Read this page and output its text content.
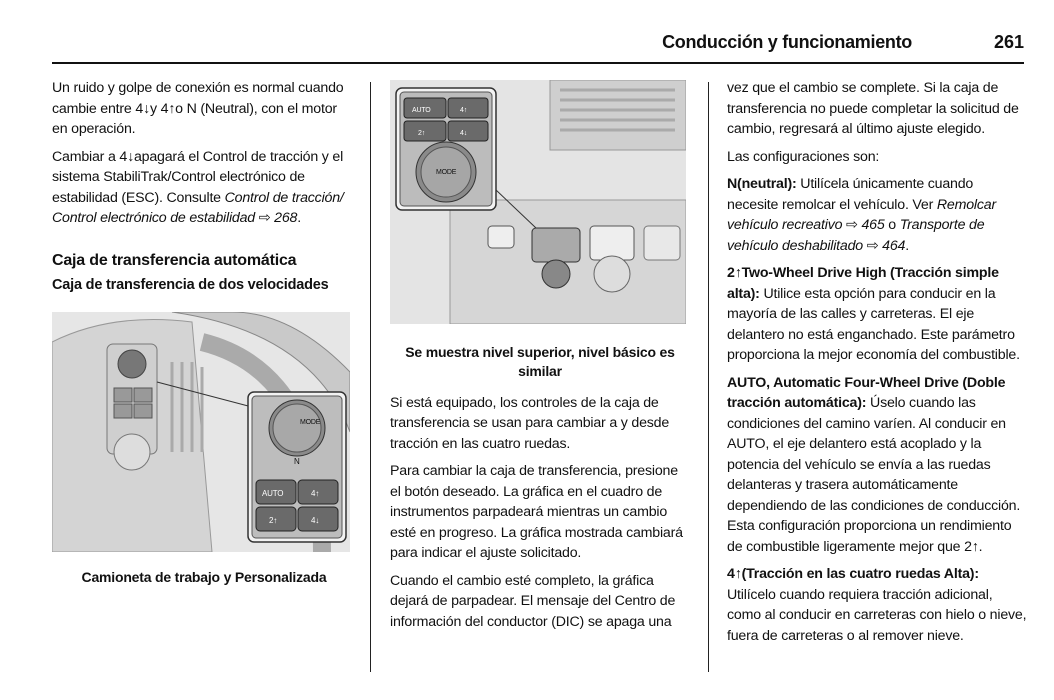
Conducción y funcionamiento	261

Un ruido y golpe de conexión es normal cuando cambie entre 4↓y 4↑o N (Neutral), con el motor en operación.

Cambiar a 4↓apagará el Control de tracción y el sistema StabiliTrak/Control electrónico de estabilidad (ESC). Consulte Control de tracción/ Control electrónico de estabilidad ⇨ 268.

Caja de transferencia automática
Caja de transferencia de dos velocidades
MODE
N
AUTO	4↑
2↑	4↓
Camioneta de trabajo y Personalizada
AUTO	4↑
2↑	4↓
MODE
Se muestra nivel superior, nivel básico es similar

Si está equipado, los controles de la caja de transferencia se usan para cambiar a y desde tracción en las cuatro ruedas.

Para cambiar la caja de transferencia, presione el botón deseado. La gráfica en el cuadro de instrumentos parpadeará mientras un cambio esté en progreso. La gráfica mostrada cambiará para indicar el ajuste solicitado.

Cuando el cambio esté completo, la gráfica dejará de parpadear. El mensaje del Centro de información del conductor (DIC) se apaga una

vez que el cambio se complete. Si la caja de transferencia no puede completar la solicitud de cambio, regresará al último ajuste elegido.

Las configuraciones son:

N(neutral): Utilícela únicamente cuando necesite remolcar el vehículo. Ver Remolcar vehículo recreativo ⇨ 465 o Transporte de vehículo deshabilitado ⇨ 464.

2↑Two-Wheel Drive High (Tracción simple alta): Utilice esta opción para conducir en la mayoría de las calles y carreteras. El eje delantero no está enganchado. Este parámetro proporciona la mejor economía del combustible.

AUTO, Automatic Four-Wheel Drive (Doble tracción automática): Úselo cuando las condiciones del camino varíen. Al conducir en AUTO, el eje delantero está acoplado y la potencia del vehículo se envía a las ruedas delanteras y trasera automáticamente dependiendo de las condiciones de conducción. Esta configuración proporciona un rendimiento de combustible ligeramente mejor que 2↑.

4↑(Tracción en las cuatro ruedas Alta): Utilícelo cuando requiera tracción adicional, como al conducir en carreteras con hielo o nieve, fuera de carreteras o al remover nieve.
